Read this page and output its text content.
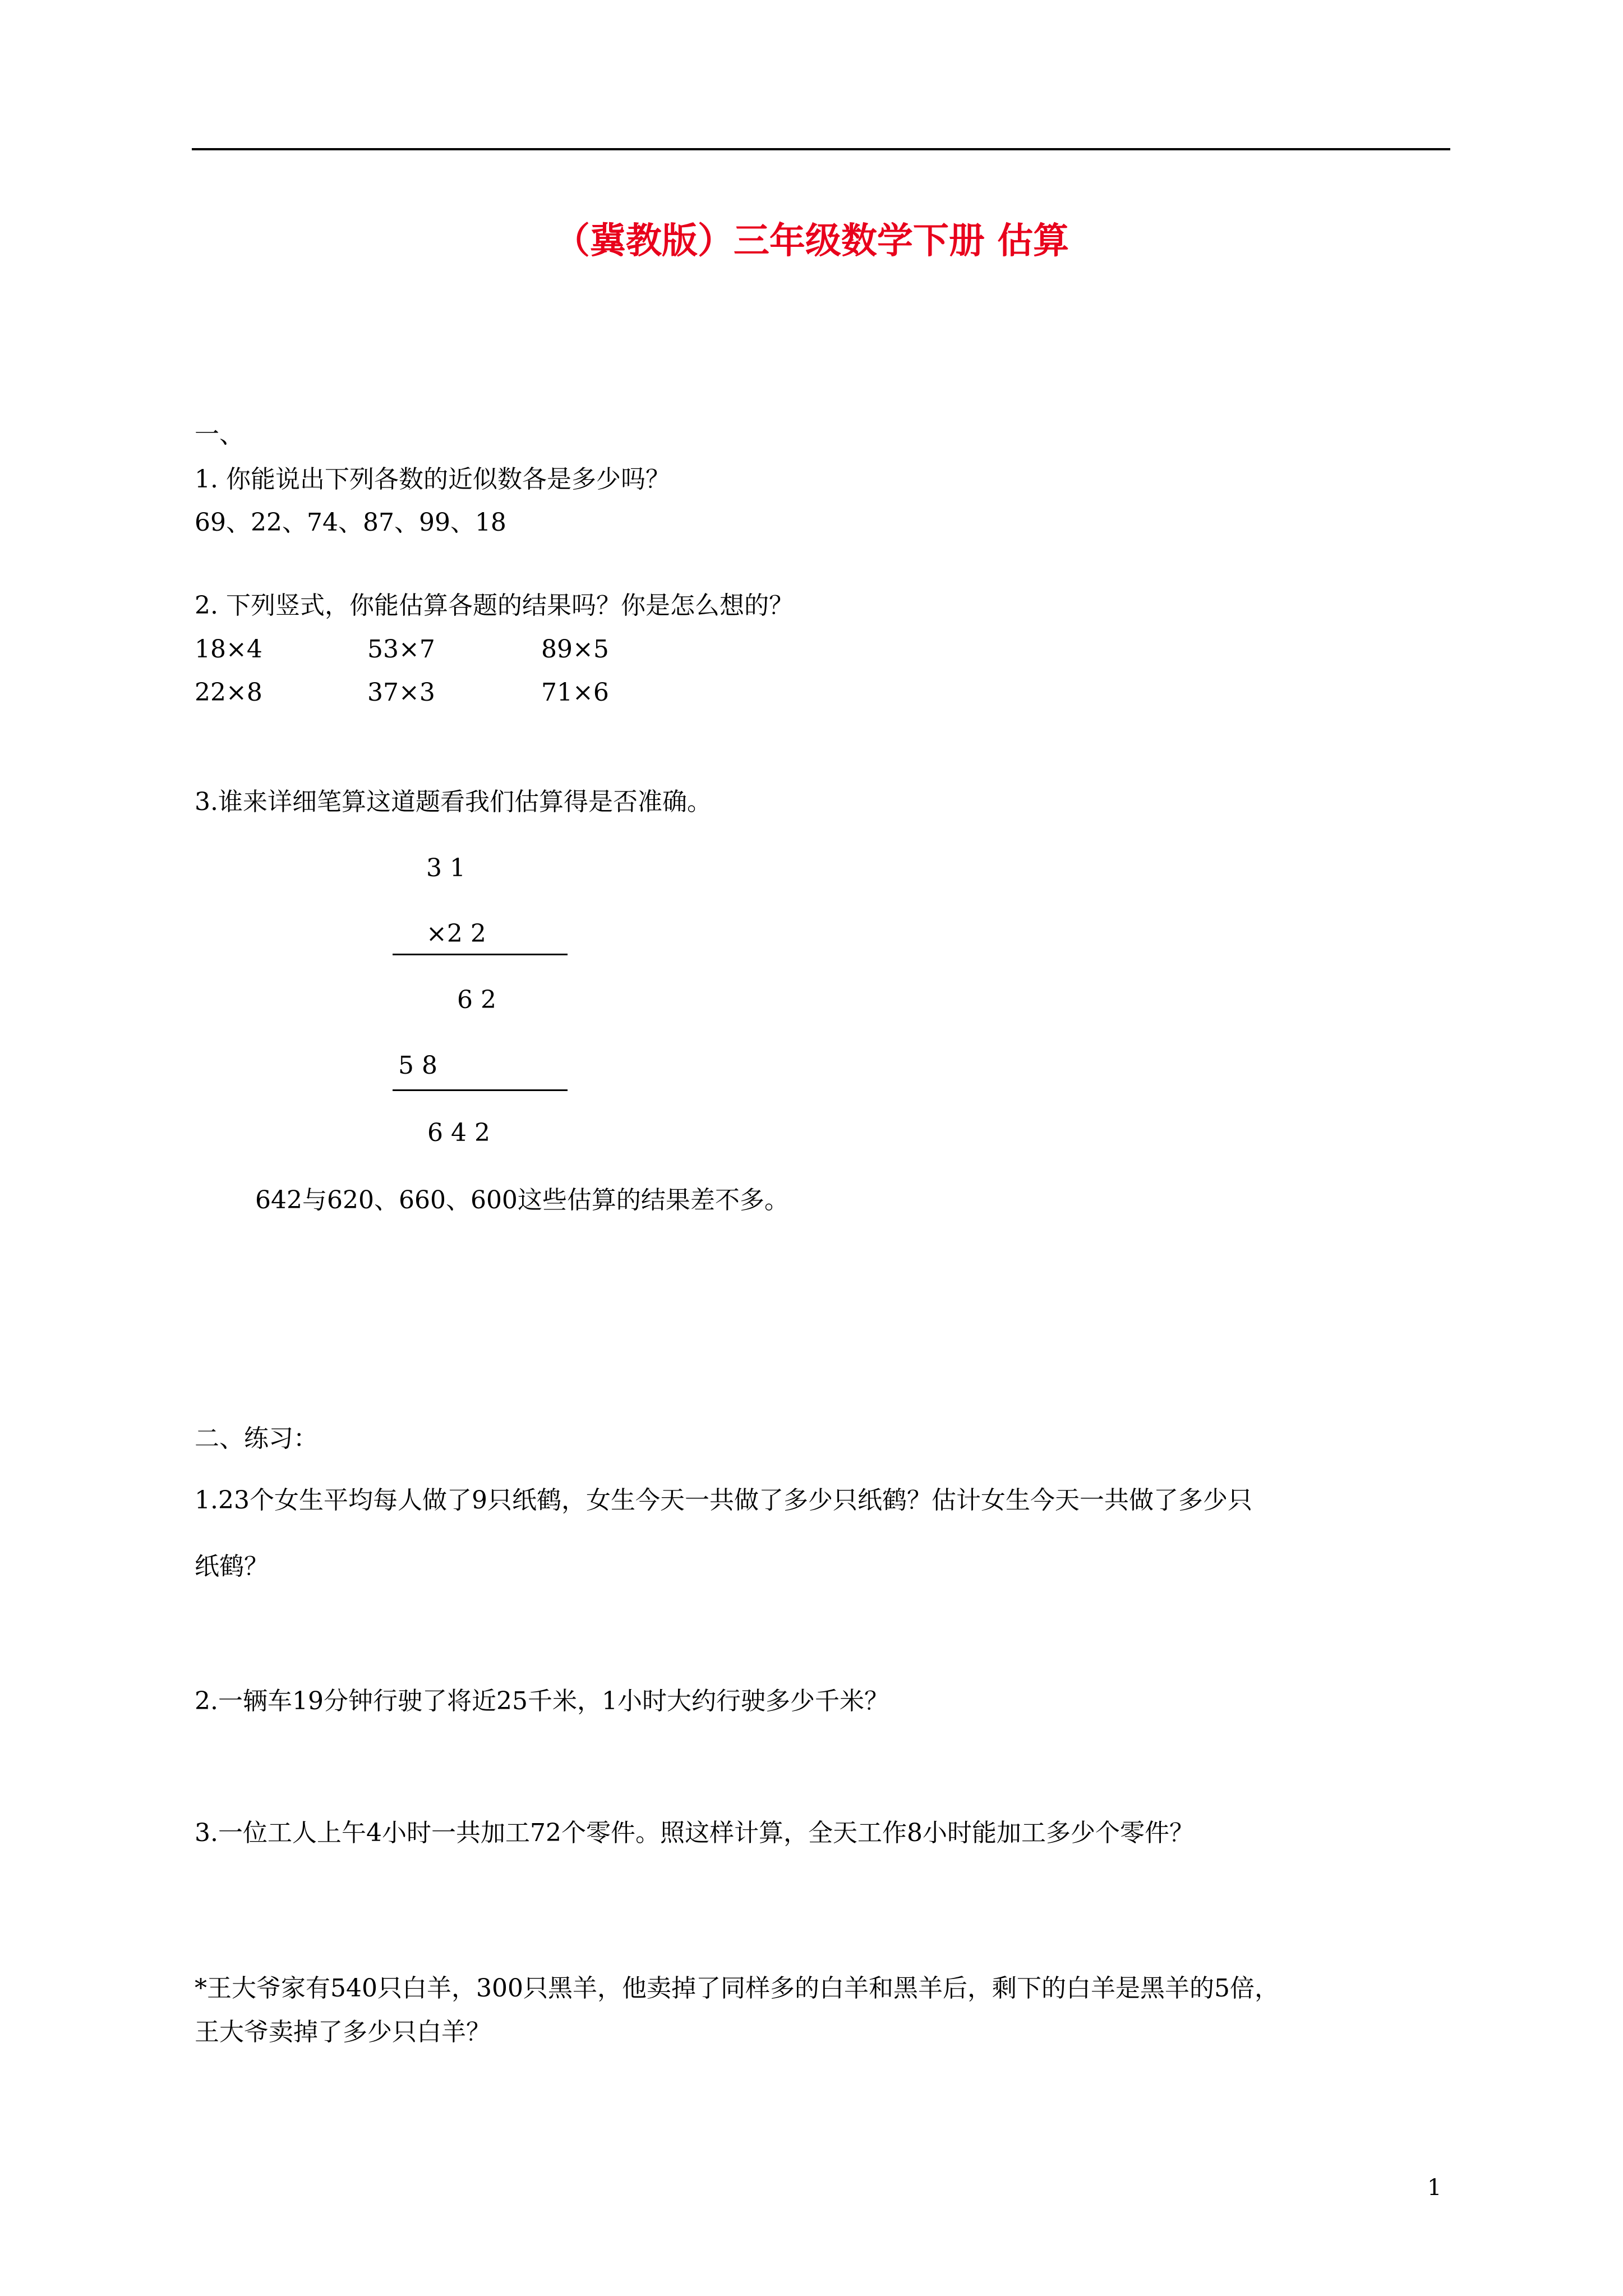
（冀教版）三年级数学下册 估算
一、
1. 你能说出下列各数的近似数各是多少吗？
69、22、74、87、99、18
2. 下列竖式，你能估算各题的结果吗？你是怎么想的？
18×4	53×7	89×5
22×8	37×3	71×6
3.谁来详细笔算这道题看我们估算得是否准确。
3 1
×2 2
6 2
5 8
6 4 2
642与620、660、600这些估算的结果差不多。
二、练习：
1.23个女生平均每人做了9只纸鹤，女生今天一共做了多少只纸鹤？估计女生今天一共做了多少只
纸鹤？
2.一辆车19分钟行驶了将近25千米，1小时大约行驶多少千米？
3.一位工人上午4小时一共加工72个零件。照这样计算，全天工作8小时能加工多少个零件？
*王大爷家有540只白羊，300只黑羊，他卖掉了同样多的白羊和黑羊后，剩下的白羊是黑羊的5倍，
王大爷卖掉了多少只白羊？
1
